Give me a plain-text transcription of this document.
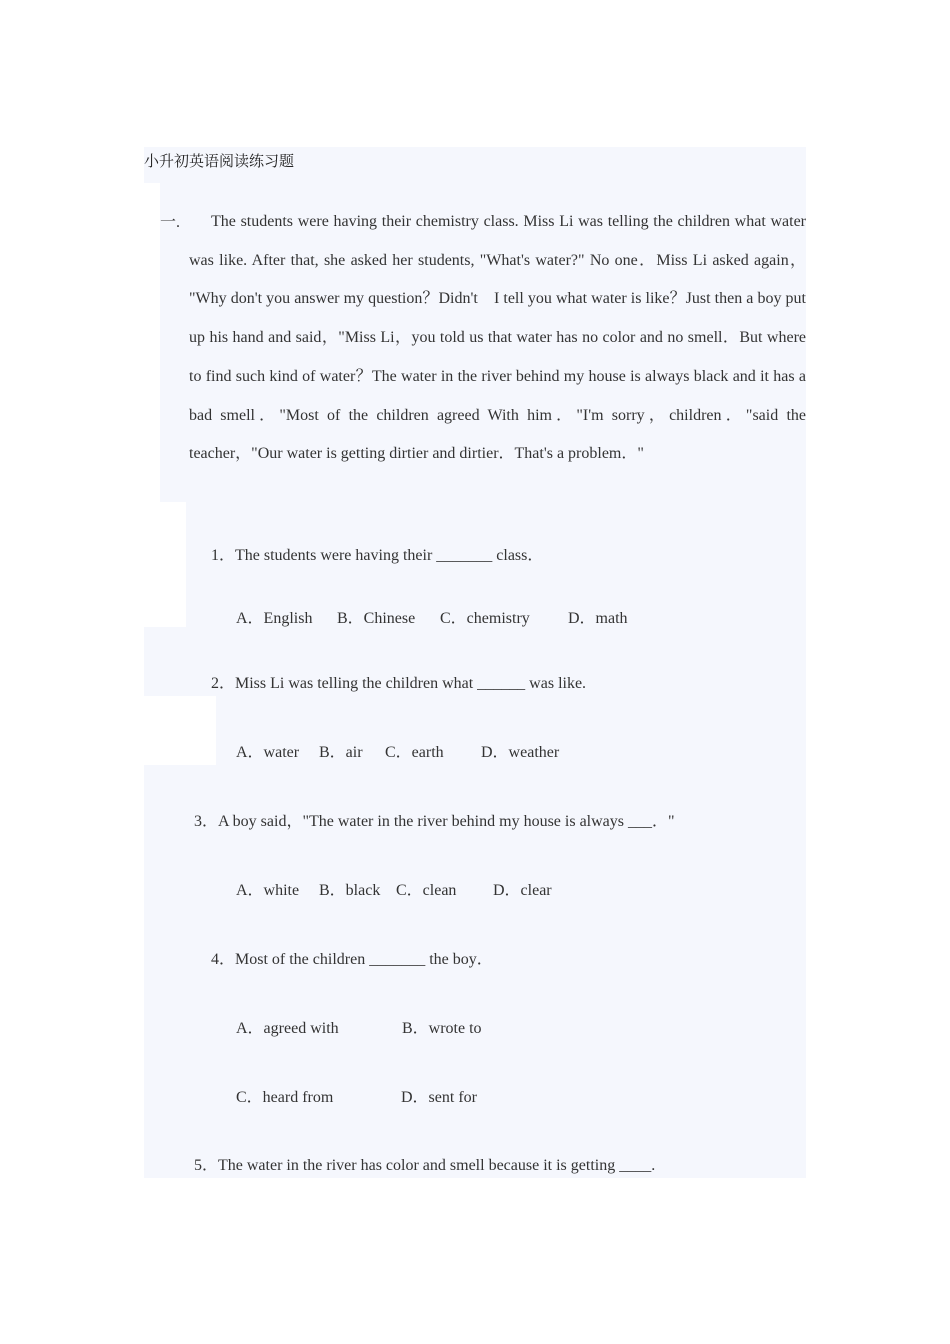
小升初英语阅读练习题
一.	The students were having their chemistry class. Miss Li was telling the children what water was like. After that, she asked her students, "What's water?" No one．Miss Li asked again， "Why don't you answer my question？Didn't　I tell you what water is like？Just then a boy put up his hand and said，"Miss Li，you told us that water has no color and no smell．But where to find such kind of water？The water in the river behind my house is always black and it has a bad smell．"Most of the children agreed With him．"I'm sorry，children．"said the teacher，"Our water is getting dirtier and dirtier．That's a problem．"
1．The students were having their _______ class．
A．English B．Chinese C．chemistry D．math
2．Miss Li was telling the children what ______ was like.
A．water B．air C．earth D．weather
3．A boy said，"The water in the river behind my house is always ___．"
A．white B．black C．clean D．clear
4．Most of the children _______ the boy．
A．agreed with	B．wrote to
C．heard from	D．sent for
5．The water in the river has color and smell because it is getting ____.
